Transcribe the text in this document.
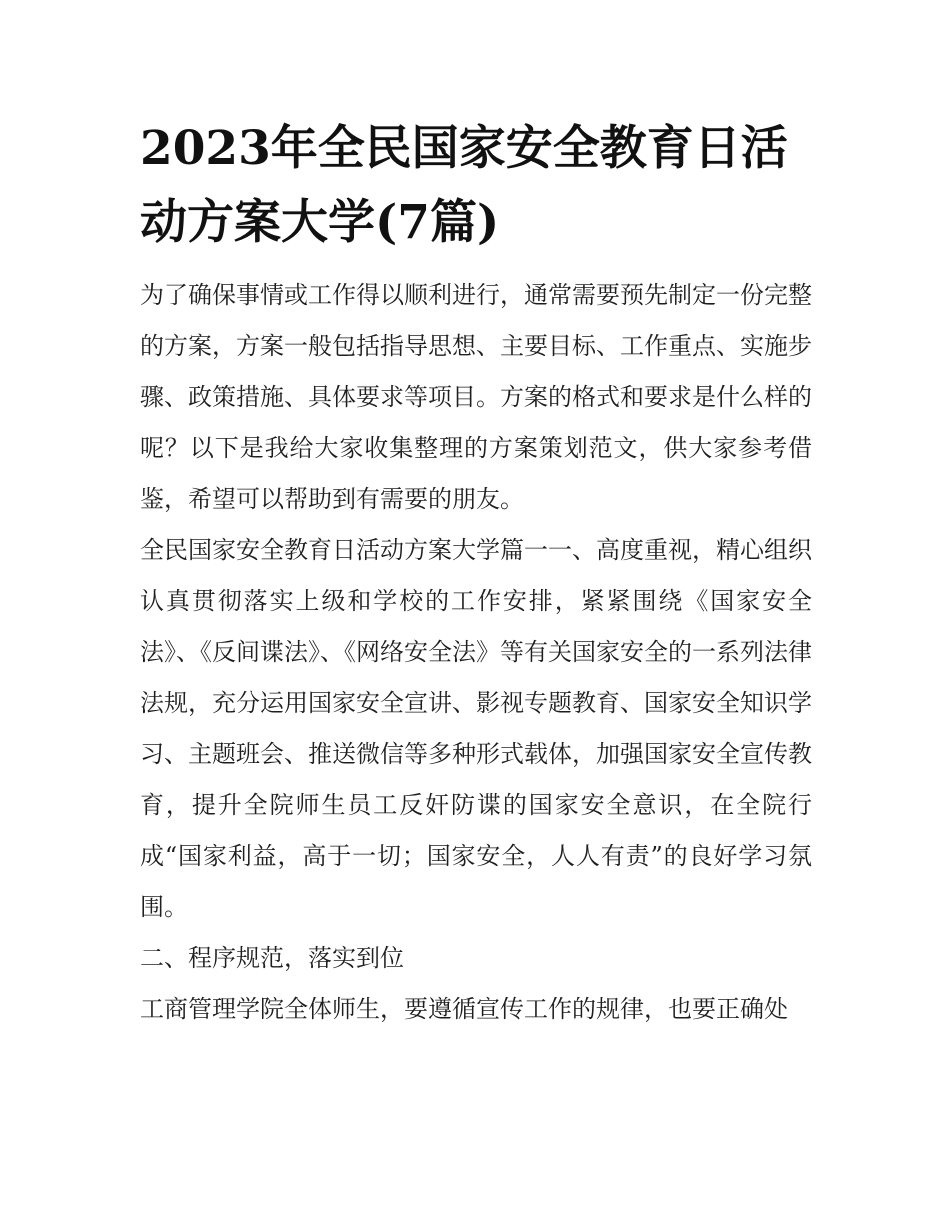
2023年全民国家安全教育日活动方案大学(7篇)

为了确保事情或工作得以顺利进行，通常需要预先制定一份完整的方案，方案一般包括指导思想、主要目标、工作重点、实施步骤、政策措施、具体要求等项目。方案的格式和要求是什么样的呢？以下是我给大家收集整理的方案策划范文，供大家参考借鉴，希望可以帮助到有需要的朋友。

全民国家安全教育日活动方案大学篇一一、高度重视，精心组织

认真贯彻落实上级和学校的工作安排，紧紧围绕《国家安全法》、《反间谍法》、《网络安全法》等有关国家安全的一系列法律法规，充分运用国家安全宣讲、影视专题教育、国家安全知识学习、主题班会、推送微信等多种形式载体，加强国家安全宣传教育，提升全院师生员工反奸防谍的国家安全意识，在全院行成“国家利益，高于一切；国家安全，人人有责”的良好学习氛围。

二、程序规范，落实到位

工商管理学院全体师生，要遵循宣传工作的规律，也要正确处
